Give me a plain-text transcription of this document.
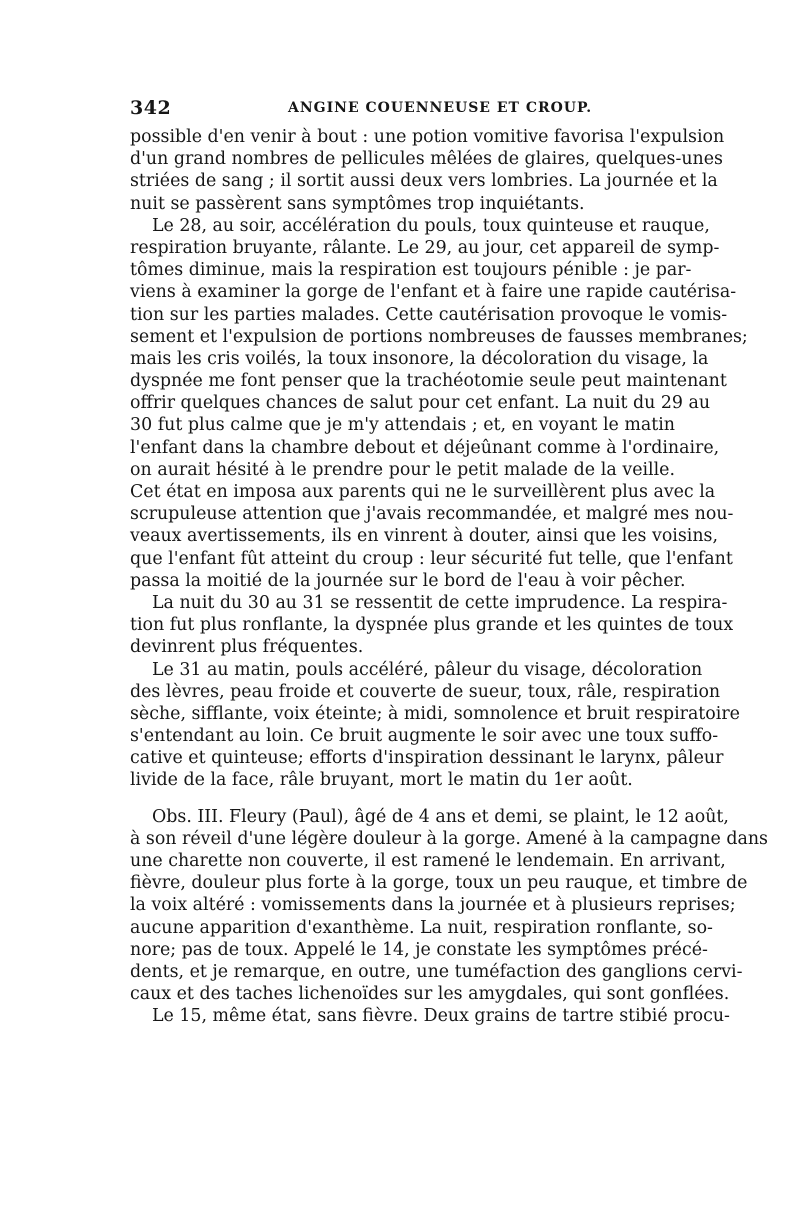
342	ANGINE COUENNEUSE ET CROUP.
possible d'en venir à bout : une potion vomitive favorisa l'expulsion
d'un grand nombres de pellicules mêlées de glaires, quelques-unes
striées de sang ; il sortit aussi deux vers lombries. La journée et la
nuit se passèrent sans symptômes trop inquiétants.
Le 28, au soir, accélération du pouls, toux quinteuse et rauque,
respiration bruyante, râlante. Le 29, au jour, cet appareil de symp-
tômes diminue, mais la respiration est toujours pénible : je par-
viens à examiner la gorge de l'enfant et à faire une rapide cautérisa-
tion sur les parties malades. Cette cautérisation provoque le vomis-
sement et l'expulsion de portions nombreuses de fausses membranes;
mais les cris voilés, la toux insonore, la décoloration du visage, la
dyspnée me font penser que la trachéotomie seule peut maintenant
offrir quelques chances de salut pour cet enfant. La nuit du 29 au
30 fut plus calme que je m'y attendais ; et, en voyant le matin
l'enfant dans la chambre debout et déjeûnant comme à l'ordinaire,
on aurait hésité à le prendre pour le petit malade de la veille.
Cet état en imposa aux parents qui ne le surveillèrent plus avec la
scrupuleuse attention que j'avais recommandée, et malgré mes nou-
veaux avertissements, ils en vinrent à douter, ainsi que les voisins,
que l'enfant fût atteint du croup : leur sécurité fut telle, que l'enfant
passa la moitié de la journée sur le bord de l'eau à voir pêcher.
La nuit du 30 au 31 se ressentit de cette imprudence. La respira-
tion fut plus ronflante, la dyspnée plus grande et les quintes de toux
devinrent plus fréquentes.
Le 31 au matin, pouls accéléré, pâleur du visage, décoloration
des lèvres, peau froide et couverte de sueur, toux, râle, respiration
sèche, sifflante, voix éteinte; à midi, somnolence et bruit respiratoire
s'entendant au loin. Ce bruit augmente le soir avec une toux suffo-
cative et quinteuse; efforts d'inspiration dessinant le larynx, pâleur
livide de la face, râle bruyant, mort le matin du 1er août.
Obs. III. Fleury (Paul), âgé de 4 ans et demi, se plaint, le 12 août,
à son réveil d'une légère douleur à la gorge. Amené à la campagne dans
une charette non couverte, il est ramené le lendemain. En arrivant,
fièvre, douleur plus forte à la gorge, toux un peu rauque, et timbre de
la voix altéré : vomissements dans la journée et à plusieurs reprises;
aucune apparition d'exanthème. La nuit, respiration ronflante, so-
nore; pas de toux. Appelé le 14, je constate les symptômes précé-
dents, et je remarque, en outre, une tuméfaction des ganglions cervi-
caux et des taches lichenoïdes sur les amygdales, qui sont gonflées.
Le 15, même état, sans fièvre. Deux grains de tartre stibié procu-
